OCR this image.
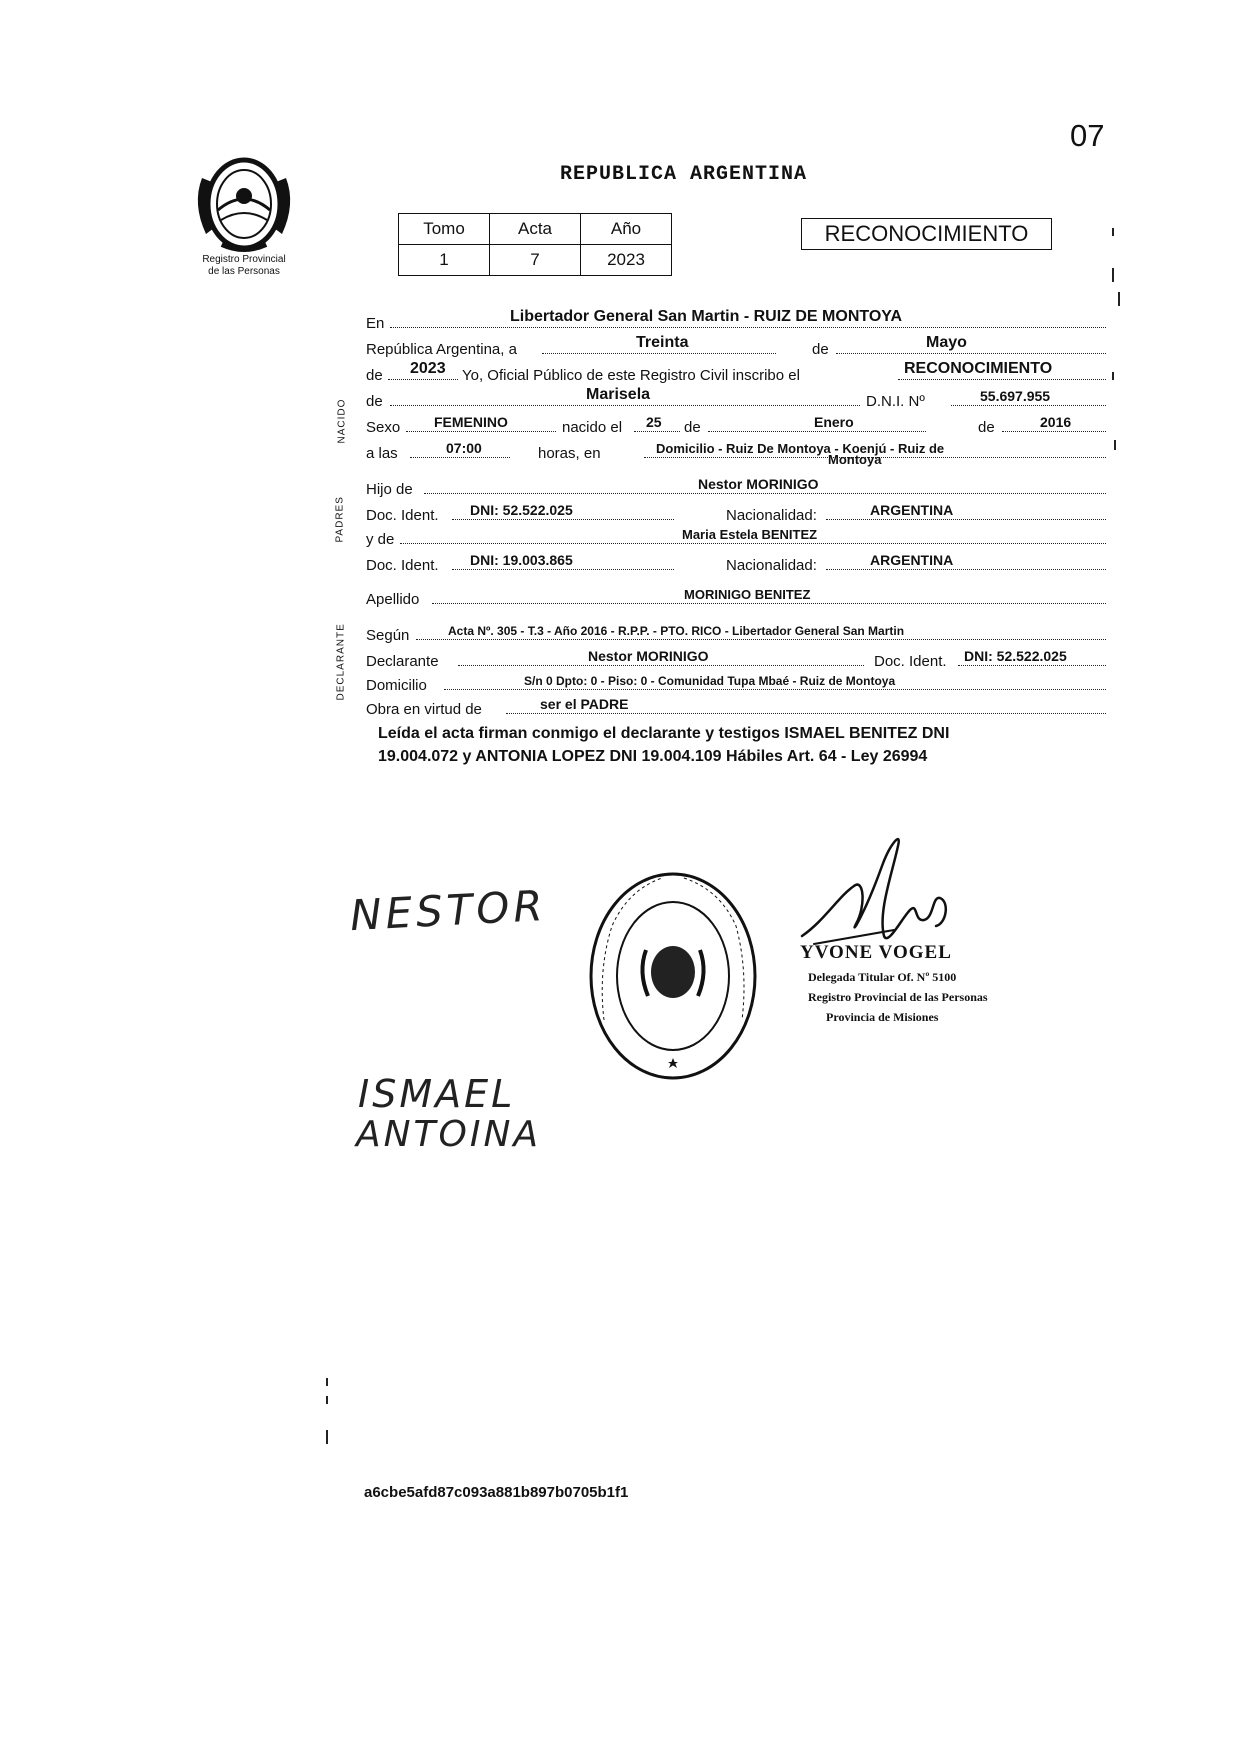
07
Registro Provincial
de las Personas
REPUBLICA ARGENTINA
Tomo	Acta	Año
1	7	2023
RECONOCIMIENTO
NACIDO
PADRES
DECLARANTE
En	Libertador General San Martin - RUIZ DE MONTOYA
República Argentina, a	Treinta	de	Mayo
de 2023 Yo, Oficial Público de este Registro Civil inscribo el	RECONOCIMIENTO
de	Marisela	D.N.I. Nº	55.697.955
Sexo FEMENINO	nacido el 25 de	Enero	de	2016
a las	07:00	horas, en	Domicilio - Ruiz De Montoya - Koenjú - Ruiz de
Montoya
Hijo de	Nestor MORINIGO
Doc. Ident. DNI: 52.522.025	Nacionalidad:	ARGENTINA
y de	Maria Estela BENITEZ
Doc. Ident. DNI: 19.003.865	Nacionalidad:	ARGENTINA
Apellido	MORINIGO BENITEZ
Según	Acta Nº. 305 - T.3 - Año 2016 - R.P.P. - PTO. RICO - Libertador General San Martin
Declarante	Nestor MORINIGO	Doc. Ident. DNI: 52.522.025
Domicilio	S/n 0 Dpto: 0 - Piso: 0 - Comunidad Tupa Mbaé - Ruiz de Montoya
Obra en virtud de	ser el PADRE
Leída el acta firman conmigo el declarante y testigos ISMAEL BENITEZ DNI
19.004.072 y ANTONIA LOPEZ DNI 19.004.109 Hábiles Art. 64 - Ley 26994
YVONE VOGEL
Delegada Titular Of. Nº 5100
Registro Provincial de las Personas
Provincia de Misiones
NESTOR
ISMAEL
ANTOINA
a6cbe5afd87c093a881b897b0705b1f1
